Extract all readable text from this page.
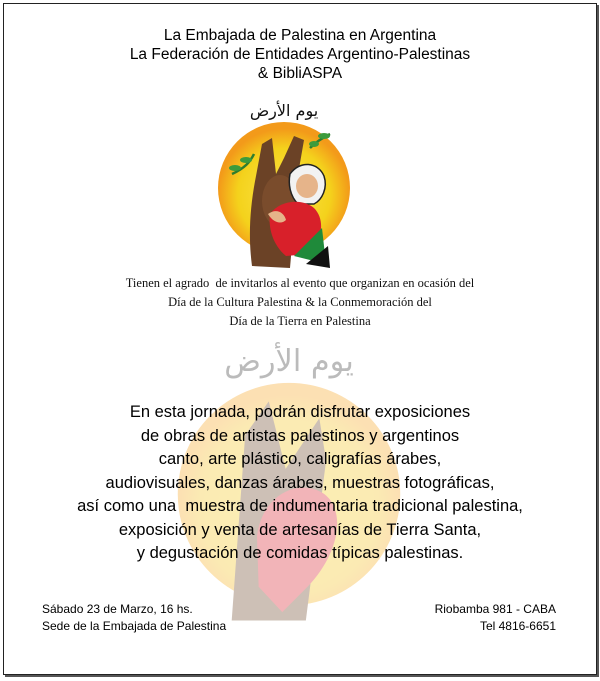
يوم الأرض
La Embajada de Palestina en Argentina
La Federación de Entidades Argentino-Palestinas
& BibliASPA
يوم الأرض
Tienen el agrado  de invitarlos al evento que organizan en ocasión del
Día de la Cultura Palestina & la Conmemoración del
Día de la Tierra en Palestina
En esta jornada, podrán disfrutar exposiciones
de obras de artistas palestinos y argentinos
canto, arte plástico, caligrafías árabes,
audiovisuales, danzas árabes, muestras fotográficas,
así como una  muestra de indumentaria tradicional palestina,
exposición y venta de artesanías de Tierra Santa,
y degustación de comidas típicas palestinas.
Sábado 23 de Marzo, 16 hs.
Sede de la Embajada de Palestina
Riobamba 981 - CABA
Tel 4816-6651
